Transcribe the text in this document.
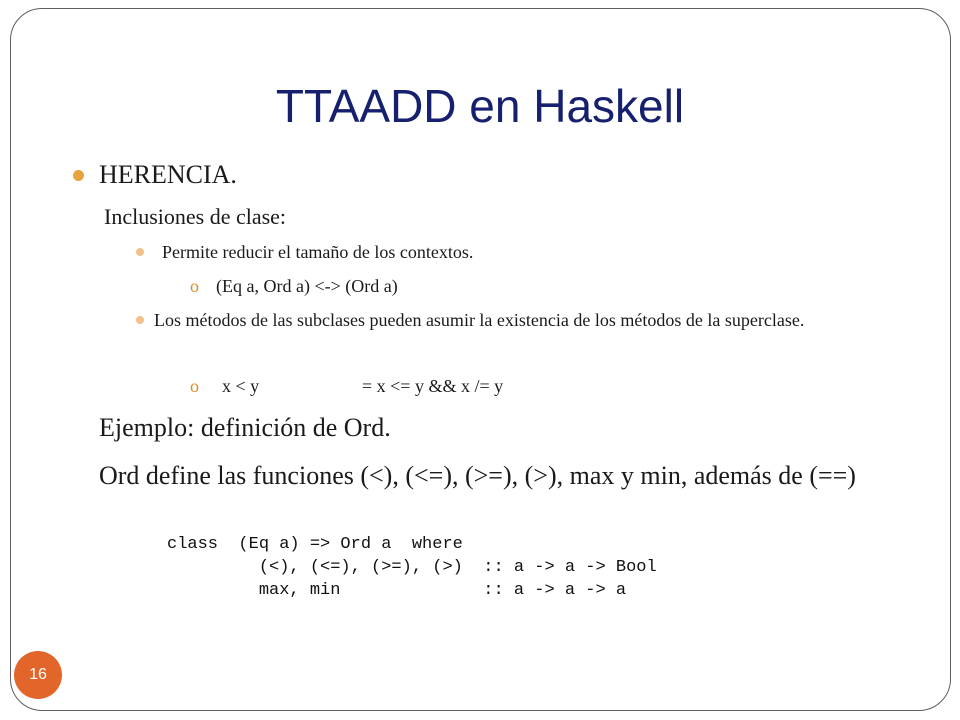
TTAADD en Haskell
HERENCIA.
Inclusiones de clase:
Permite reducir el tamaño de los contextos.
o (Eq a, Ord a) <-> (Ord a)
Los métodos de las subclases pueden asumir la existencia de los métodos de la superclase.
o x < y	= x <= y && x /= y
Ejemplo: definición de Ord.
Ord define las funciones (<), (<=), (>=), (>), max y min, además de (==)
class  (Eq a) => Ord a  where
(<), (<=), (>=), (>)  :: a -> a -> Bool
max, min              :: a -> a -> a
16
